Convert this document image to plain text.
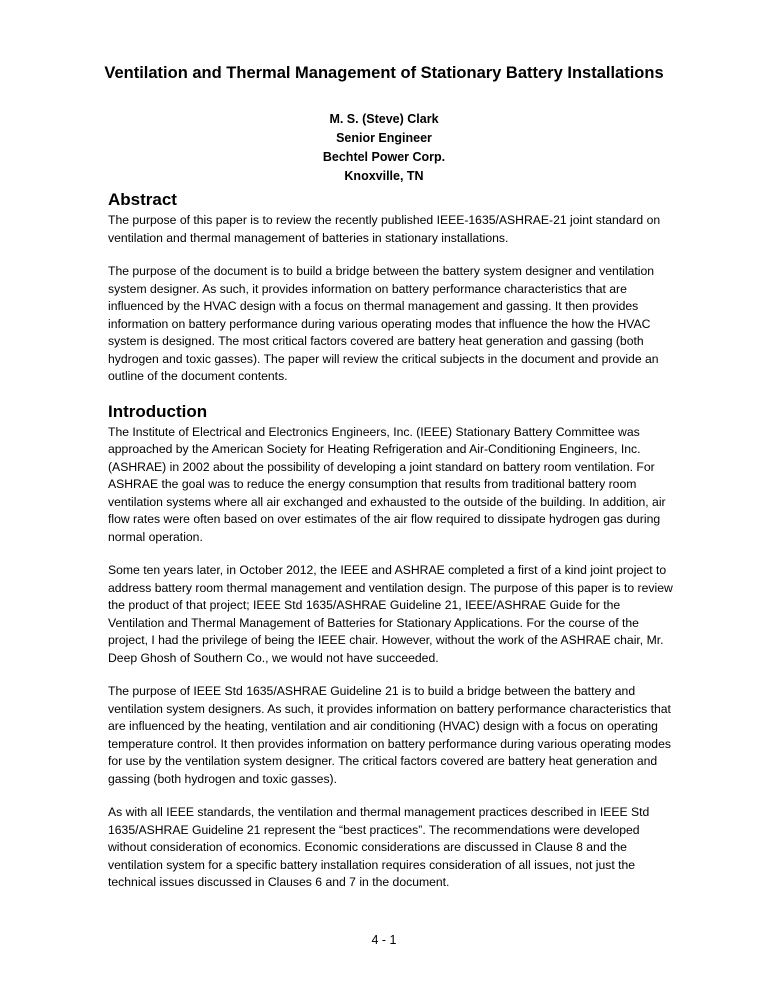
Ventilation and Thermal Management of Stationary Battery Installations
M. S. (Steve) Clark
Senior Engineer
Bechtel Power Corp.
Knoxville, TN
Abstract

The purpose of this paper is to review the recently published IEEE-1635/ASHRAE-21 joint standard on ventilation and thermal management of batteries in stationary installations.

The purpose of the document is to build a bridge between the battery system designer and ventilation system designer. As such, it provides information on battery performance characteristics that are influenced by the HVAC design with a focus on thermal management and gassing. It then provides information on battery performance during various operating modes that influence the how the HVAC system is designed. The most critical factors covered are battery heat generation and gassing (both hydrogen and toxic gasses). The paper will review the critical subjects in the document and provide an outline of the document contents.

Introduction

The Institute of Electrical and Electronics Engineers, Inc. (IEEE) Stationary Battery Committee was approached by the American Society for Heating Refrigeration and Air-Conditioning Engineers, Inc. (ASHRAE) in 2002 about the possibility of developing a joint standard on battery room ventilation. For ASHRAE the goal was to reduce the energy consumption that results from traditional battery room ventilation systems where all air exchanged and exhausted to the outside of the building. In addition, air flow rates were often based on over estimates of the air flow required to dissipate hydrogen gas during normal operation.

Some ten years later, in October 2012, the IEEE and ASHRAE completed a first of a kind joint project to address battery room thermal management and ventilation design. The purpose of this paper is to review the product of that project; IEEE Std 1635/ASHRAE Guideline 21, IEEE/ASHRAE Guide for the Ventilation and Thermal Management of Batteries for Stationary Applications. For the course of the project, I had the privilege of being the IEEE chair. However, without the work of the ASHRAE chair, Mr. Deep Ghosh of Southern Co., we would not have succeeded.

The purpose of IEEE Std 1635/ASHRAE Guideline 21 is to build a bridge between the battery and ventilation system designers. As such, it provides information on battery performance characteristics that are influenced by the heating, ventilation and air conditioning (HVAC) design with a focus on operating temperature control. It then provides information on battery performance during various operating modes for use by the ventilation system designer. The critical factors covered are battery heat generation and gassing (both hydrogen and toxic gasses).

As with all IEEE standards, the ventilation and thermal management practices described in IEEE Std 1635/ASHRAE Guideline 21 represent the “best practices”. The recommendations were developed without consideration of economics. Economic considerations are discussed in Clause 8 and the ventilation system for a specific battery installation requires consideration of all issues, not just the technical issues discussed in Clauses 6 and 7 in the document.

4 - 1
